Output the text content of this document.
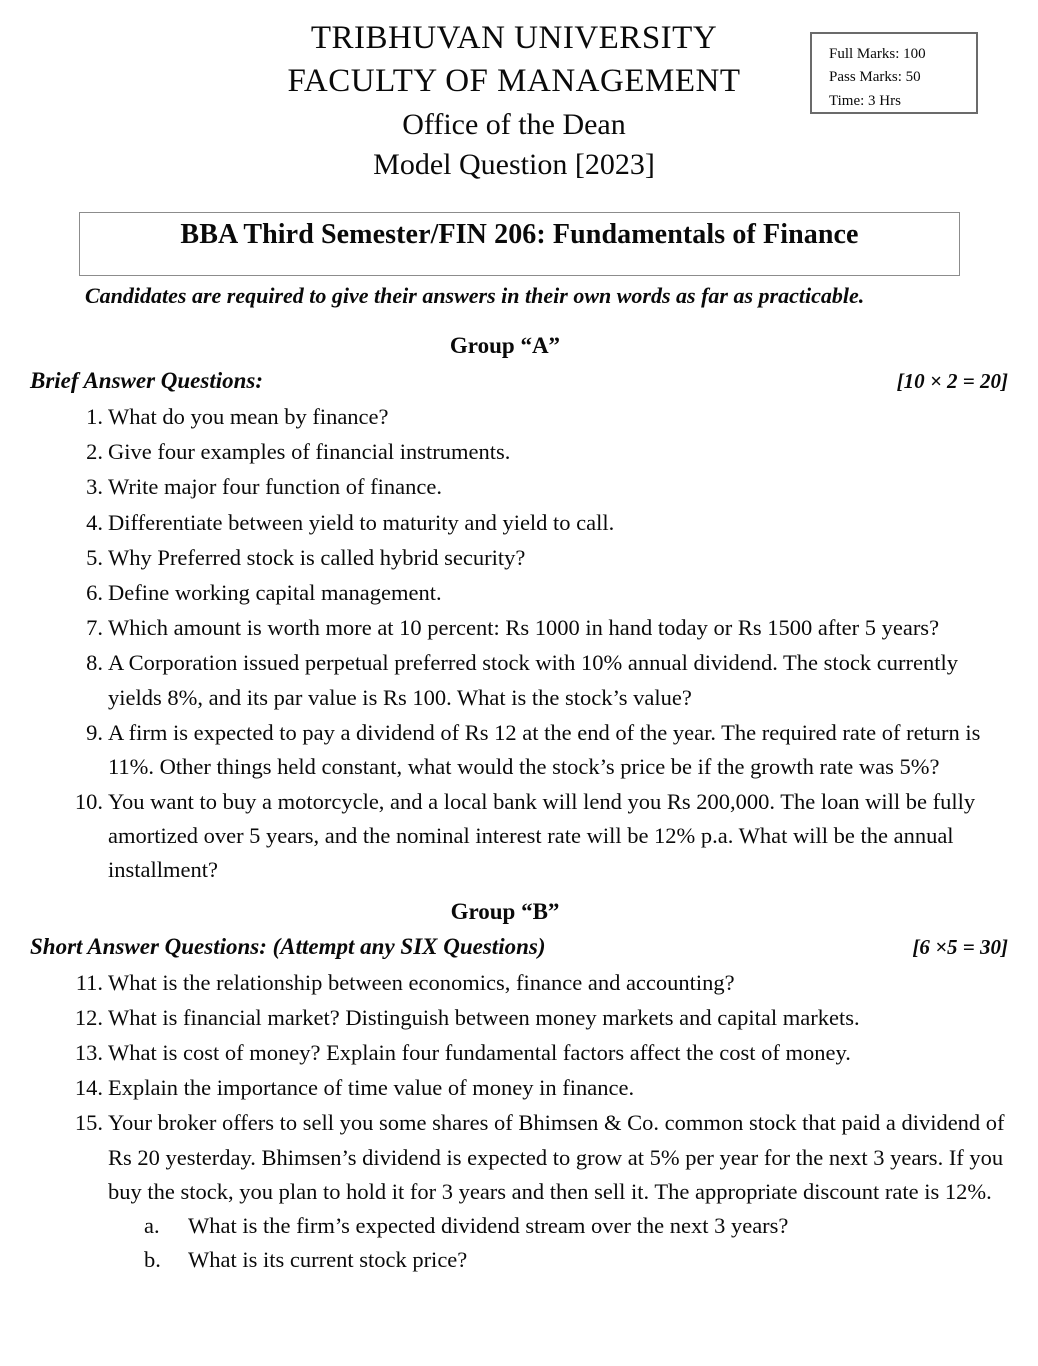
TRIBHUVAN UNIVERSITY
FACULTY OF MANAGEMENT
Office of the Dean
Model Question [2023]
Full Marks: 100
Pass Marks: 50
Time: 3 Hrs
BBA Third Semester/FIN 206: Fundamentals of Finance
Candidates are required to give their answers in their own words as far as practicable.
Group “A”
Brief Answer Questions:	[10 × 2 = 20]
1. What do you mean by finance?
2. Give four examples of financial instruments.
3. Write major four function of finance.
4. Differentiate between yield to maturity and yield to call.
5. Why Preferred stock is called hybrid security?
6. Define working capital management.
7. Which amount is worth more at 10 percent: Rs 1000 in hand today or Rs 1500 after 5 years?
8. A Corporation issued perpetual preferred stock with 10% annual dividend. The stock currently yields 8%, and its par value is Rs 100. What is the stock’s value?
9. A firm is expected to pay a dividend of Rs 12 at the end of the year. The required rate of return is 11%. Other things held constant, what would the stock’s price be if the growth rate was 5%?
10. You want to buy a motorcycle, and a local bank will lend you Rs 200,000. The loan will be fully amortized over 5 years, and the nominal interest rate will be 12% p.a. What will be the annual installment?
Group “B”
Short Answer Questions: (Attempt any SIX Questions)	[6 ×5 = 30]
11. What is the relationship between economics, finance and accounting?
12. What is financial market? Distinguish between money markets and capital markets.
13. What is cost of money? Explain four fundamental factors affect the cost of money.
14. Explain the importance of time value of money in finance.
15. Your broker offers to sell you some shares of Bhimsen & Co. common stock that paid a dividend of Rs 20 yesterday. Bhimsen’s dividend is expected to grow at 5% per year for the next 3 years. If you buy the stock, you plan to hold it for 3 years and then sell it. The appropriate discount rate is 12%.
a.	What is the firm’s expected dividend stream over the next 3 years?
b.	What is its current stock price?
